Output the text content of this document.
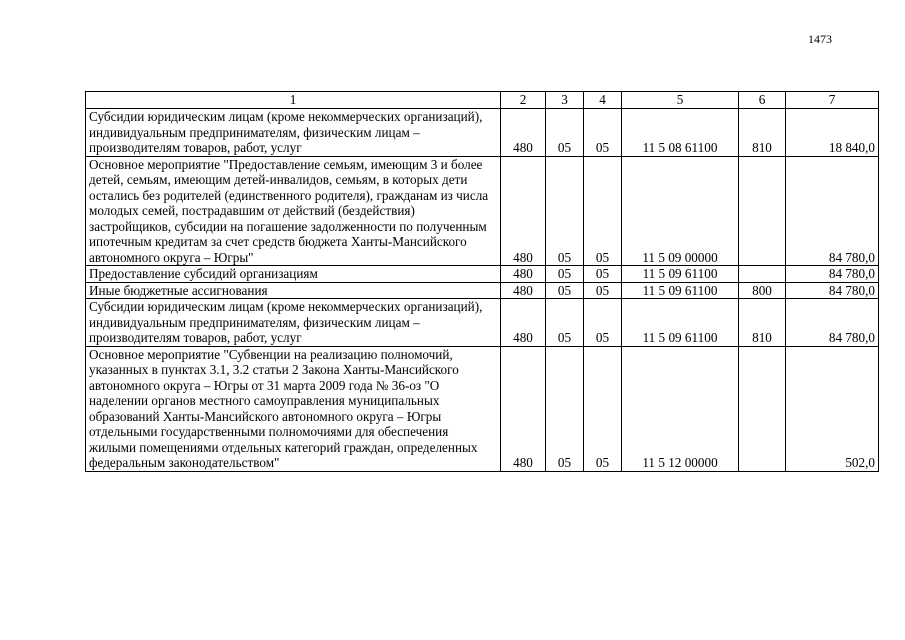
1473
1	2	3	4	5	6	7
Субсидии юридическим лицам (кроме некоммерческих организаций), индивидуальным предпринимателям, физическим лицам – производителям товаров, работ, услуг	480	05	05	11 5 08 61100	810	18 840,0
Основное мероприятие "Предоставление семьям, имеющим 3 и более детей, семьям, имеющим детей-инвалидов, семьям, в которых дети остались без родителей (единственного родителя), гражданам из числа молодых семей, пострадавшим от действий (бездействия) застройщиков, субсидии на погашение задолженности по полученным ипотечным кредитам за счет средств бюджета Ханты-Мансийского автономного округа – Югры"	480	05	05	11 5 09 00000		84 780,0
Предоставление субсидий организациям	480	05	05	11 5 09 61100		84 780,0
Иные бюджетные ассигнования	480	05	05	11 5 09 61100	800	84 780,0
Субсидии юридическим лицам (кроме некоммерческих организаций), индивидуальным предпринимателям, физическим лицам – производителям товаров, работ, услуг	480	05	05	11 5 09 61100	810	84 780,0
Основное мероприятие "Субвенции на реализацию полномочий, указанных в пунктах 3.1, 3.2 статьи 2 Закона Ханты-Мансийского автономного округа – Югры от 31 марта 2009 года № 36-оз "О наделении органов местного самоуправления муниципальных образований Ханты-Мансийского автономного округа – Югры отдельными государственными полномочиями для обеспечения жилыми помещениями отдельных категорий граждан, определенных федеральным законодательством"	480	05	05	11 5 12 00000		502,0
